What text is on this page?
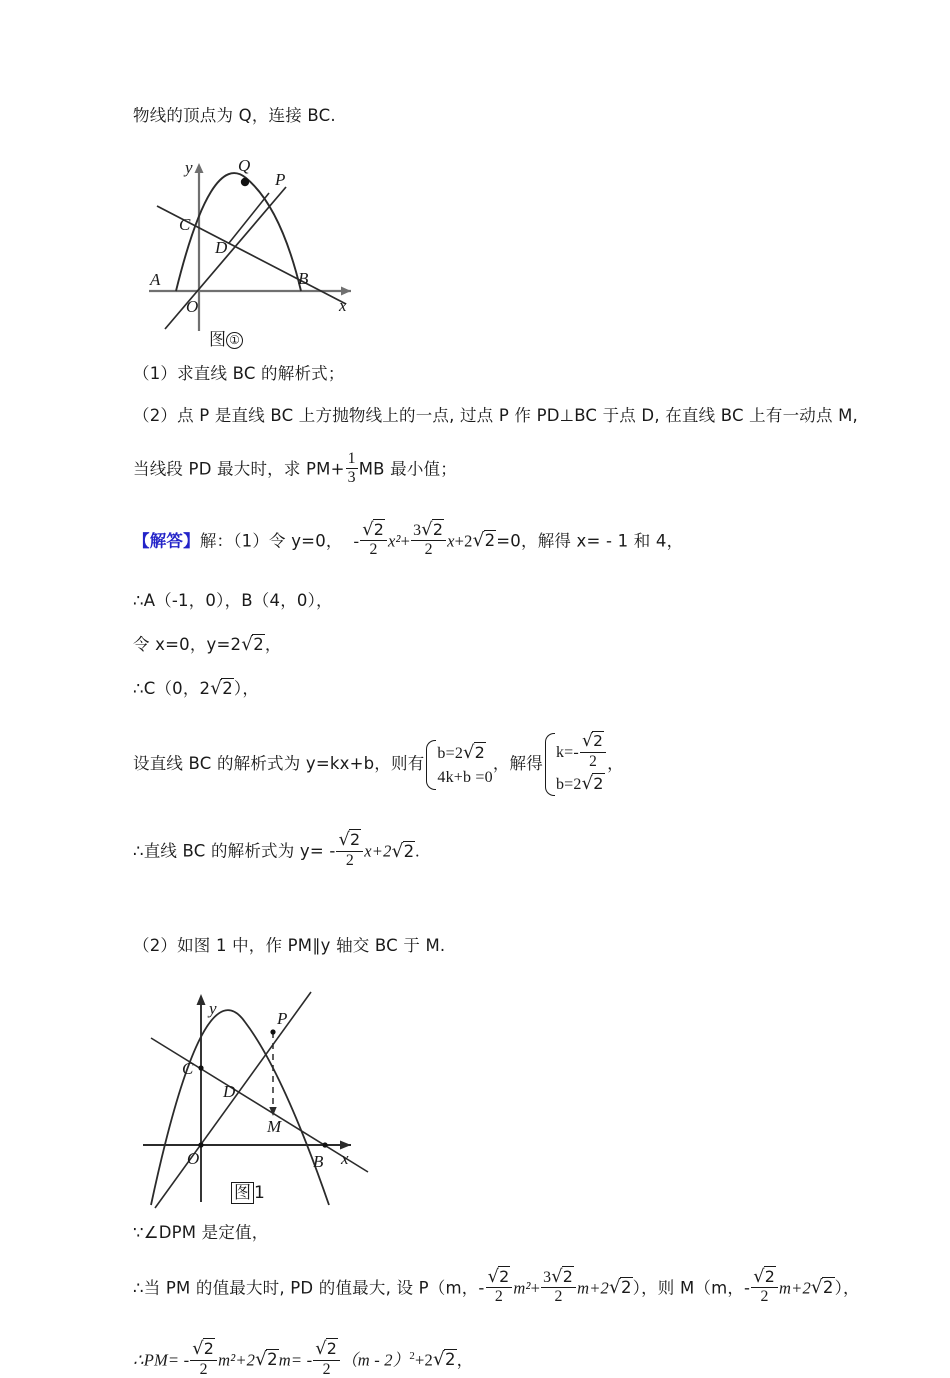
物线的顶点为 Q，连接 BC.
y
x
Q
P
C
D
A	B
O
图 ①
（1）求直线 BC 的解析式；
（2）点 P 是直线 BC 上方抛物线上的一点, 过点 P 作 PD⊥BC 于点 D, 在直线 BC 上有一动点 M,
当线段 PD 最大时，求 $PM+ \frac{1}{3}$ MB 最小值；
【解答】解：（1）令 y=0， - $\frac{√2}{2} x^2+ \frac{3√2}{2} x+2√2=0$，解得 x= - 1 和 4，
∴A（-1，0），B（4，0），
令 x=0，y=2√2，
∴C（0，2√2），
设直线 BC 的解析式为 y=kx+b，则有
b=2√2
4k+b =0
，解得
$k=- \frac{√2}{2}$
b=2√2
，
∴直线 BC 的解析式为 $y= - \frac{√2}{2} x+2√2$.
（2）如图 1 中，作 PM∥y 轴交 BC 于 M.
y
x
P
C
D
M
O	B
图 1
∵∠DPM 是定值，
∴当 PM 的值最大时, PD 的值最大, 设 P（m，- $\frac{√2}{2} m^2+ \frac{3√2}{2} m+2√2$），则 M（m，- $\frac{√2}{2} m+2√2$），
∴PM= - $\frac{√2}{2} m^2+2√2m= - \frac{√2}{2} (m - 2)^2+2√2$，
